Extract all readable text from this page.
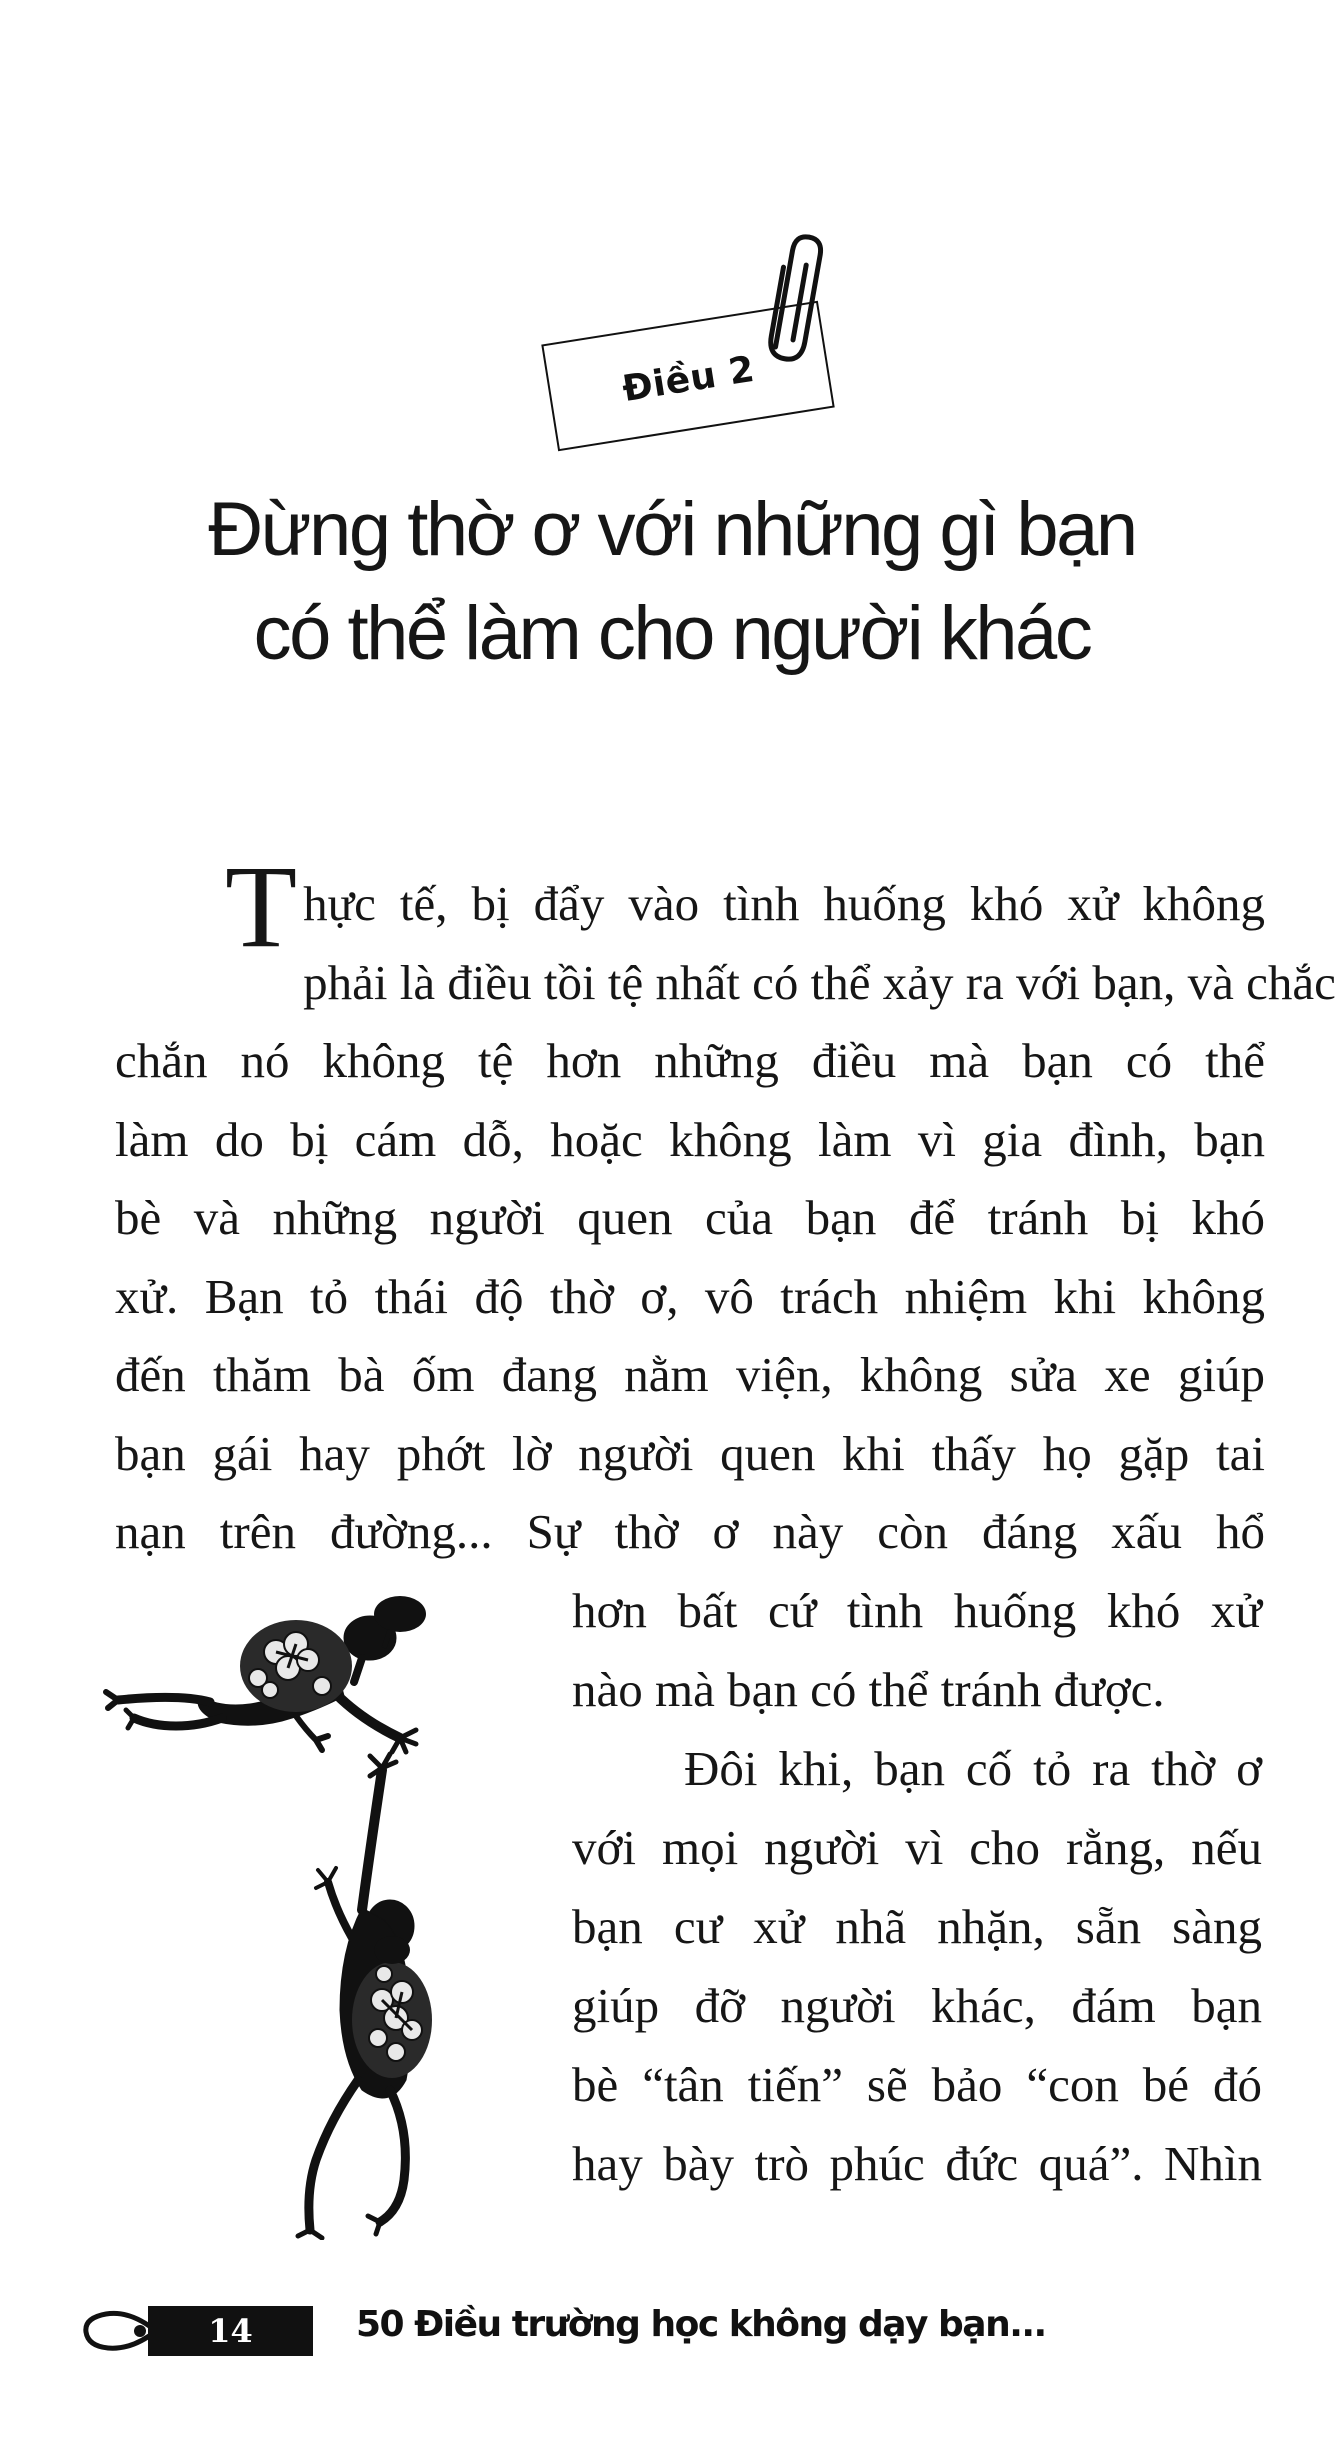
Điều 2
Đừng thờ ơ với những gì bạn
có thể làm cho người khác
T hực tế, bị đẩy vào tình huống khó xử không
phải là điều tồi tệ nhất có thể xảy ra với bạn, và chắc
chắn nó không tệ hơn những điều mà bạn có thể
làm do bị cám dỗ, hoặc không làm vì gia đình, bạn
bè và những người quen của bạn để tránh bị khó
xử. Bạn tỏ thái độ thờ ơ, vô trách nhiệm khi không
đến thăm bà ốm đang nằm viện, không sửa xe giúp
bạn gái hay phớt lờ người quen khi thấy họ gặp tai
nạn trên đường... Sự thờ ơ này còn đáng xấu hổ
hơn bất cứ tình huống khó xử
nào mà bạn có thể tránh được.
Đôi khi, bạn cố tỏ ra thờ ơ
với mọi người vì cho rằng, nếu
bạn cư xử nhã nhặn, sẵn sàng
giúp đỡ người khác, đám bạn
bè “tân tiến” sẽ bảo “con bé đó
hay bày trò phúc đức quá”. Nhìn
14	50 Điều trường học không dạy bạn...
